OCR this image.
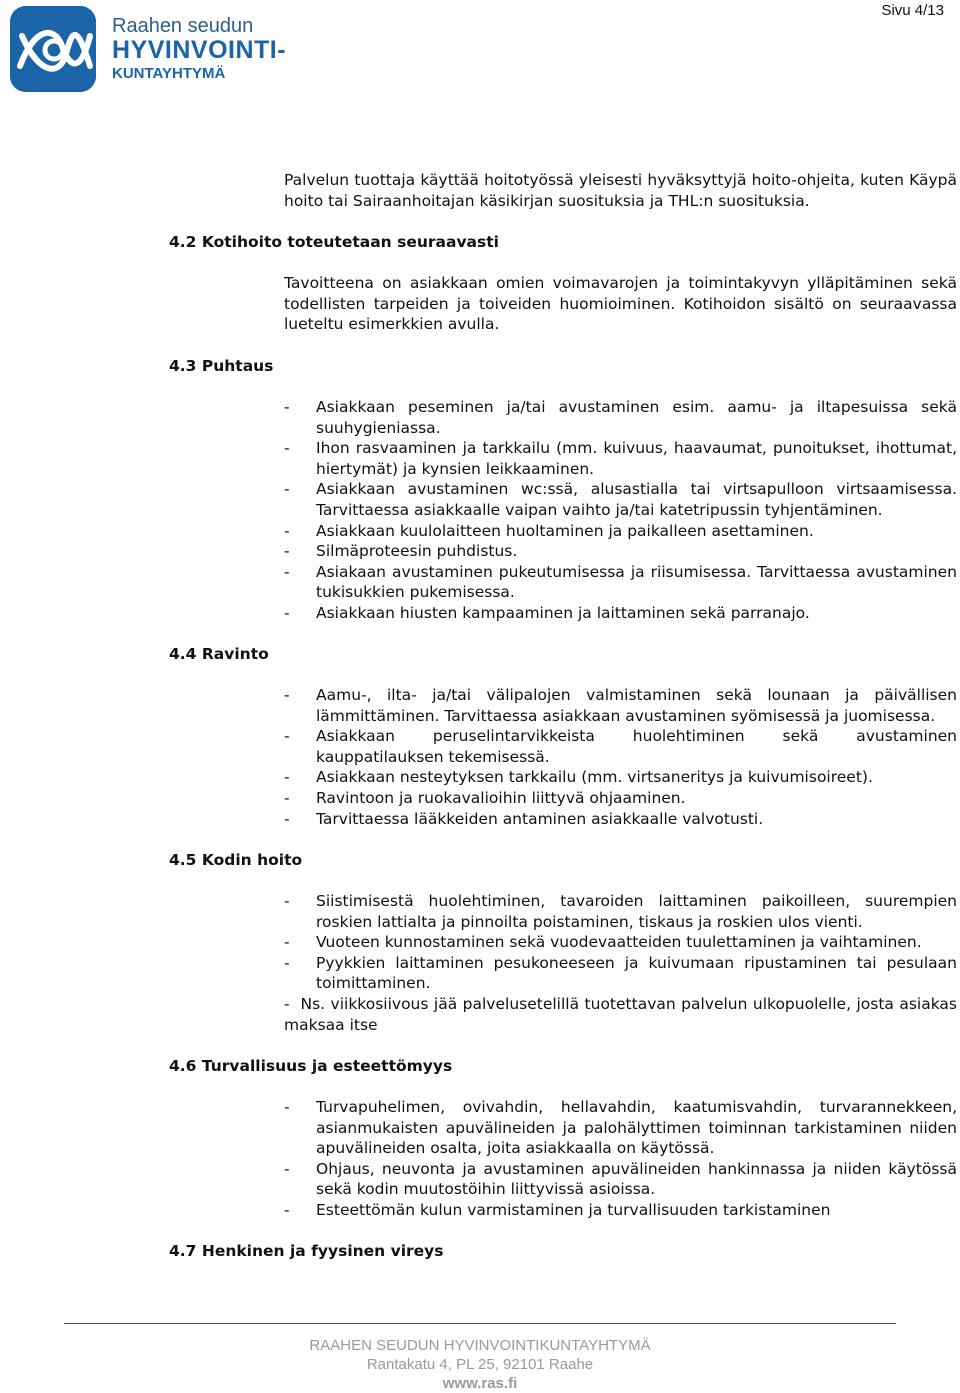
Sivu 4/13
Raahen seudun
HYVINVOINTI-
KUNTAYHTYMÄ

Palvelun tuottaja käyttää hoitotyössä yleisesti hyväksyttyjä hoito-ohjeita, kuten Käypä hoito tai Sairaanhoitajan käsikirjan suosituksia ja THL:n suosituksia.

4.2 Kotihoito toteutetaan seuraavasti

Tavoitteena on asiakkaan omien voimavarojen ja toimintakyvyn ylläpitäminen sekä todellisten tarpeiden ja toiveiden huomioiminen. Kotihoidon sisältö on seuraavassa lueteltu esimerkkien avulla.

4.3 Puhtaus
- Asiakkaan peseminen ja/tai avustaminen esim. aamu- ja iltapesuissa sekä suuhygieniassa.
- Ihon rasvaaminen ja tarkkailu (mm. kuivuus, haavaumat, punoitukset, ihottumat, hiertymät) ja kynsien leikkaaminen.
- Asiakkaan avustaminen wc:ssä, alusastialla tai virtsapulloon virtsaamisessa. Tarvittaessa asiakkaalle vaipan vaihto ja/tai katetripussin tyhjentäminen.
- Asiakkaan kuulolaitteen huoltaminen ja paikalleen asettaminen.
- Silmäproteesin puhdistus.
- Asiakaan avustaminen pukeutumisessa ja riisumisessa. Tarvittaessa avustaminen tukisukkien pukemisessa.
- Asiakkaan hiusten kampaaminen ja laittaminen sekä parranajo.
4.4 Ravinto
- Aamu-, ilta- ja/tai välipalojen valmistaminen sekä lounaan ja päivällisen lämmittäminen. Tarvittaessa asiakkaan avustaminen syömisessä ja juomisessa.
- Asiakkaan peruselintarvikkeista huolehtiminen sekä avustaminen kauppatilauksen tekemisessä.
- Asiakkaan nesteytyksen tarkkailu (mm. virtsaneritys ja kuivumisoireet).
- Ravintoon ja ruokavalioihin liittyvä ohjaaminen.
- Tarvittaessa lääkkeiden antaminen asiakkaalle valvotusti.
4.5 Kodin hoito
- Siistimisestä huolehtiminen, tavaroiden laittaminen paikoilleen, suurempien roskien lattialta ja pinnoilta poistaminen, tiskaus ja roskien ulos vienti.
- Vuoteen kunnostaminen sekä vuodevaatteiden tuulettaminen ja vaihtaminen.
- Pyykkien laittaminen pesukoneeseen ja kuivumaan ripustaminen tai pesulaan toimittaminen.

- Ns. viikkosiivous jää palvelusetelillä tuotettavan palvelun ulkopuolelle, josta asiakas maksaa itse

4.6 Turvallisuus ja esteettömyys
- Turvapuhelimen, ovivahdin, hellavahdin, kaatumisvahdin, turvarannekkeen, asianmukaisten apuvälineiden ja palohälyttimen toiminnan tarkistaminen niiden apuvälineiden osalta, joita asiakkaalla on käytössä.
- Ohjaus, neuvonta ja avustaminen apuvälineiden hankinnassa ja niiden käytössä sekä kodin muutostöihin liittyvissä asioissa.
- Esteettömän kulun varmistaminen ja turvallisuuden tarkistaminen
4.7 Henkinen ja fyysinen vireys
RAAHEN SEUDUN HYVINVOINTIKUNTAYHTYMÄ
Rantakatu 4, PL 25, 92101 Raahe
www.ras.fi
